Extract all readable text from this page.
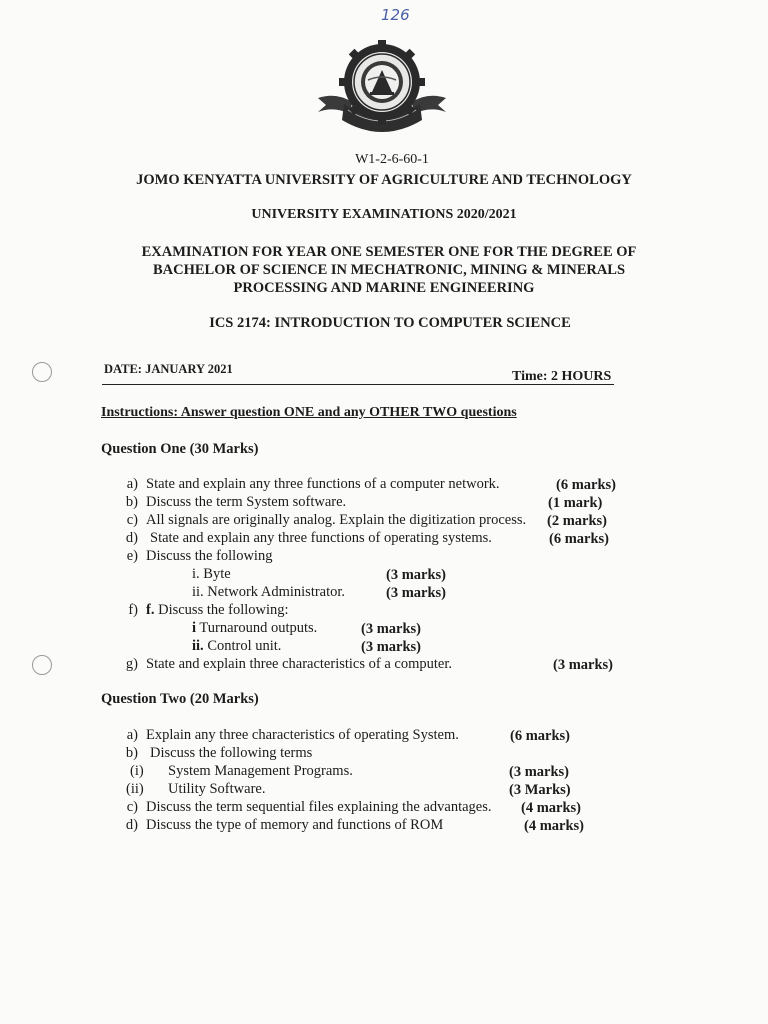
126
W1-2-6-60-1
JOMO KENYATTA UNIVERSITY OF AGRICULTURE AND TECHNOLOGY
UNIVERSITY EXAMINATIONS 2020/2021
EXAMINATION FOR YEAR ONE SEMESTER ONE FOR THE DEGREE OF
BACHELOR OF SCIENCE IN MECHATRONIC, MINING & MINERALS
PROCESSING AND MARINE ENGINEERING
ICS 2174: INTRODUCTION TO COMPUTER SCIENCE
DATE: JANUARY 2021	Time: 2 HOURS
Instructions: Answer question ONE and any OTHER TWO questions
Question One (30 Marks)
a) State and explain any three functions of a computer network.	(6 marks)
b) Discuss the term System software.	(1 mark)
c) All signals are originally analog. Explain the digitization process. (2 marks)
d) State and explain any three functions of operating systems.	(6 marks)
e) Discuss the following
i. Byte	(3 marks)
ii. Network Administrator.	(3 marks)
f) f. Discuss the following:
i Turnaround outputs.	(3 marks)
ii. Control unit.	(3 marks)
g) State and explain three characteristics of a computer.	(3 marks)
Question Two (20 Marks)
a) Explain any three characteristics of operating System.	(6 marks)
b) Discuss the following terms
(i) System Management Programs.	(3 marks)
(ii) Utility Software.	(3 Marks)
c) Discuss the term sequential files explaining the advantages. (4 marks)
d) Discuss the type of memory and functions of ROM	(4 marks)
